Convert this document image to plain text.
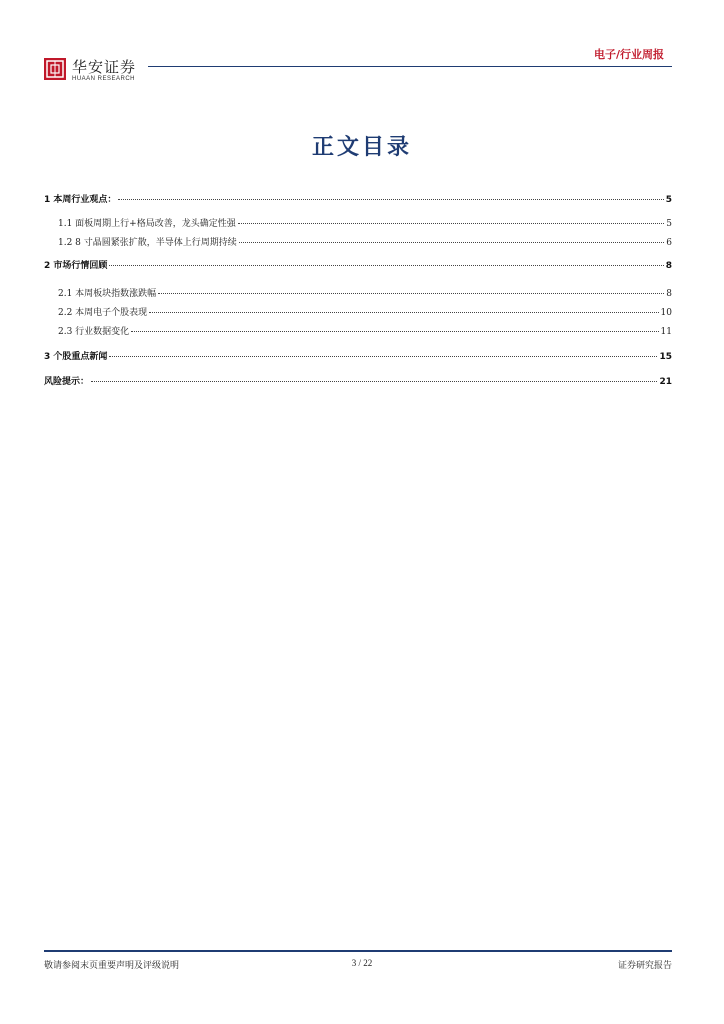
华安证券
HUAAN RESEARCH
电子/行业周报
正文目录
1 本周行业观点：	5
1.1 面板周期上行+格局改善，龙头确定性强	5
1.2 8 寸晶圆紧张扩散，半导体上行周期持续	6
2 市场行情回顾	8
2.1 本周板块指数涨跌幅	8
2.2 本周电子个股表现	10
2.3 行业数据变化	11
3 个股重点新闻	15
风险提示：	21
敬请参阅末页重要声明及评级说明	3 / 22	证券研究报告
